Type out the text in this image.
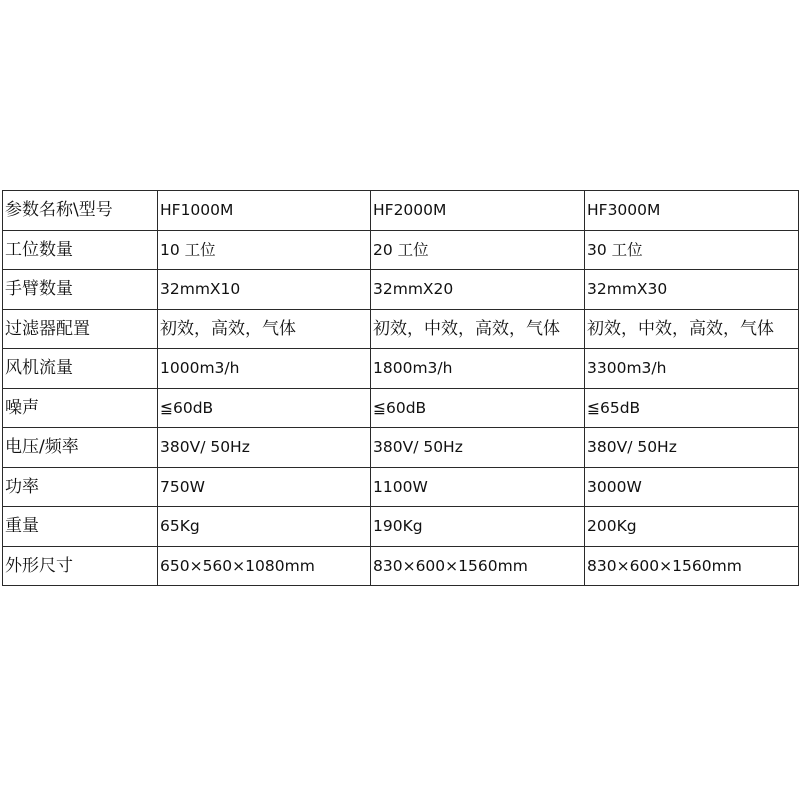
参数名称\型号	HF1000M	HF2000M	HF3000M
工位数量	10 工位	20 工位	30 工位
手臂数量	32mmX10	32mmX20	32mmX30
过滤器配置	初效，高效，气体	初效，中效，高效，气体	初效，中效，高效，气体
风机流量	1000m3/h	1800m3/h	3300m3/h
噪声	≦60dB	≦60dB	≦65dB
电压/频率	380V/ 50Hz	380V/ 50Hz	380V/ 50Hz
功率	750W	1100W	3000W
重量	65Kg	190Kg	200Kg
外形尺寸	650×560×1080mm	830×600×1560mm	830×600×1560mm
